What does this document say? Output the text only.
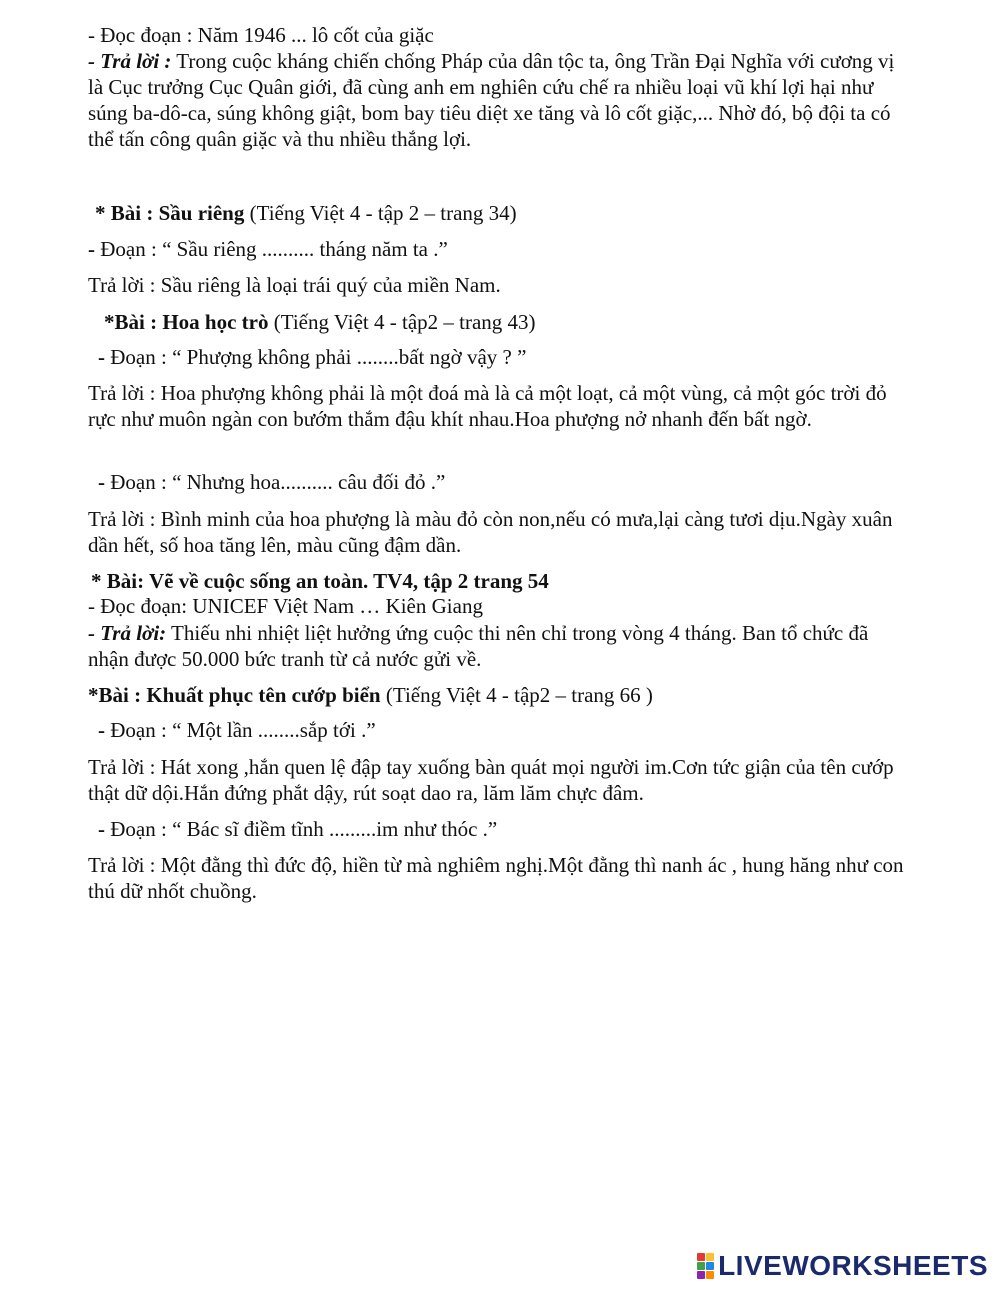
- Đọc đoạn : Năm 1946 ... lô cốt của giặc
- Trả lời : Trong cuộc kháng chiến chống Pháp của dân tộc ta, ông Trần Đại Nghĩa với cương vị là Cục trưởng Cục Quân giới, đã cùng anh em nghiên cứu chế ra nhiều loại vũ khí lợi hại như súng ba-dô-ca, súng không giật, bom bay tiêu diệt xe tăng và lô cốt giặc,... Nhờ đó, bộ đội ta có thể tấn công quân giặc và thu nhiều thắng lợi.
* Bài : Sầu riêng (Tiếng Việt 4 - tập 2 – trang 34)
- Đoạn : “ Sầu riêng .......... tháng năm ta .”
Trả lời : Sầu riêng là loại trái quý của miền Nam.
*Bài : Hoa học trò (Tiếng Việt 4 - tập2 – trang 43)
- Đoạn : “ Phượng không phải ........bất ngờ vậy ? ”
Trả lời : Hoa phượng không phải là một đoá mà là cả một loạt, cả một vùng, cả một góc trời đỏ rực như muôn ngàn con bướm thắm đậu khít nhau.Hoa phượng nở nhanh đến bất ngờ.
- Đoạn : “ Nhưng hoa.......... câu đối đỏ .”
Trả lời : Bình minh của hoa phượng là màu đỏ còn non,nếu có mưa,lại càng tươi dịu.Ngày xuân dần hết, số hoa tăng lên, màu cũng đậm dần.
* Bài: Vẽ về cuộc sống an toàn. TV4, tập 2 trang 54
- Đọc đoạn: UNICEF Việt Nam … Kiên Giang
- Trả lời: Thiếu nhi nhiệt liệt hưởng ứng cuộc thi nên chỉ trong vòng 4 tháng. Ban tổ chức đã nhận được 50.000 bức tranh từ cả nước gửi về.
*Bài : Khuất phục tên cướp biển (Tiếng Việt 4 - tập2 – trang 66 )
- Đoạn : “ Một lần ........sắp tới .”
Trả lời : Hát xong ,hắn quen lệ đập tay xuống bàn quát mọi người im.Cơn tức giận của tên cướp thật dữ dội.Hắn đứng phắt dậy, rút soạt dao ra, lăm lăm chực đâm.
- Đoạn : “ Bác sĩ điềm tĩnh .........im như thóc .”
Trả lời : Một đằng thì đức độ, hiền từ mà nghiêm nghị.Một đằng thì nanh ác , hung hăng như con thú dữ nhốt chuồng.
LIVEWORKSHEETS
